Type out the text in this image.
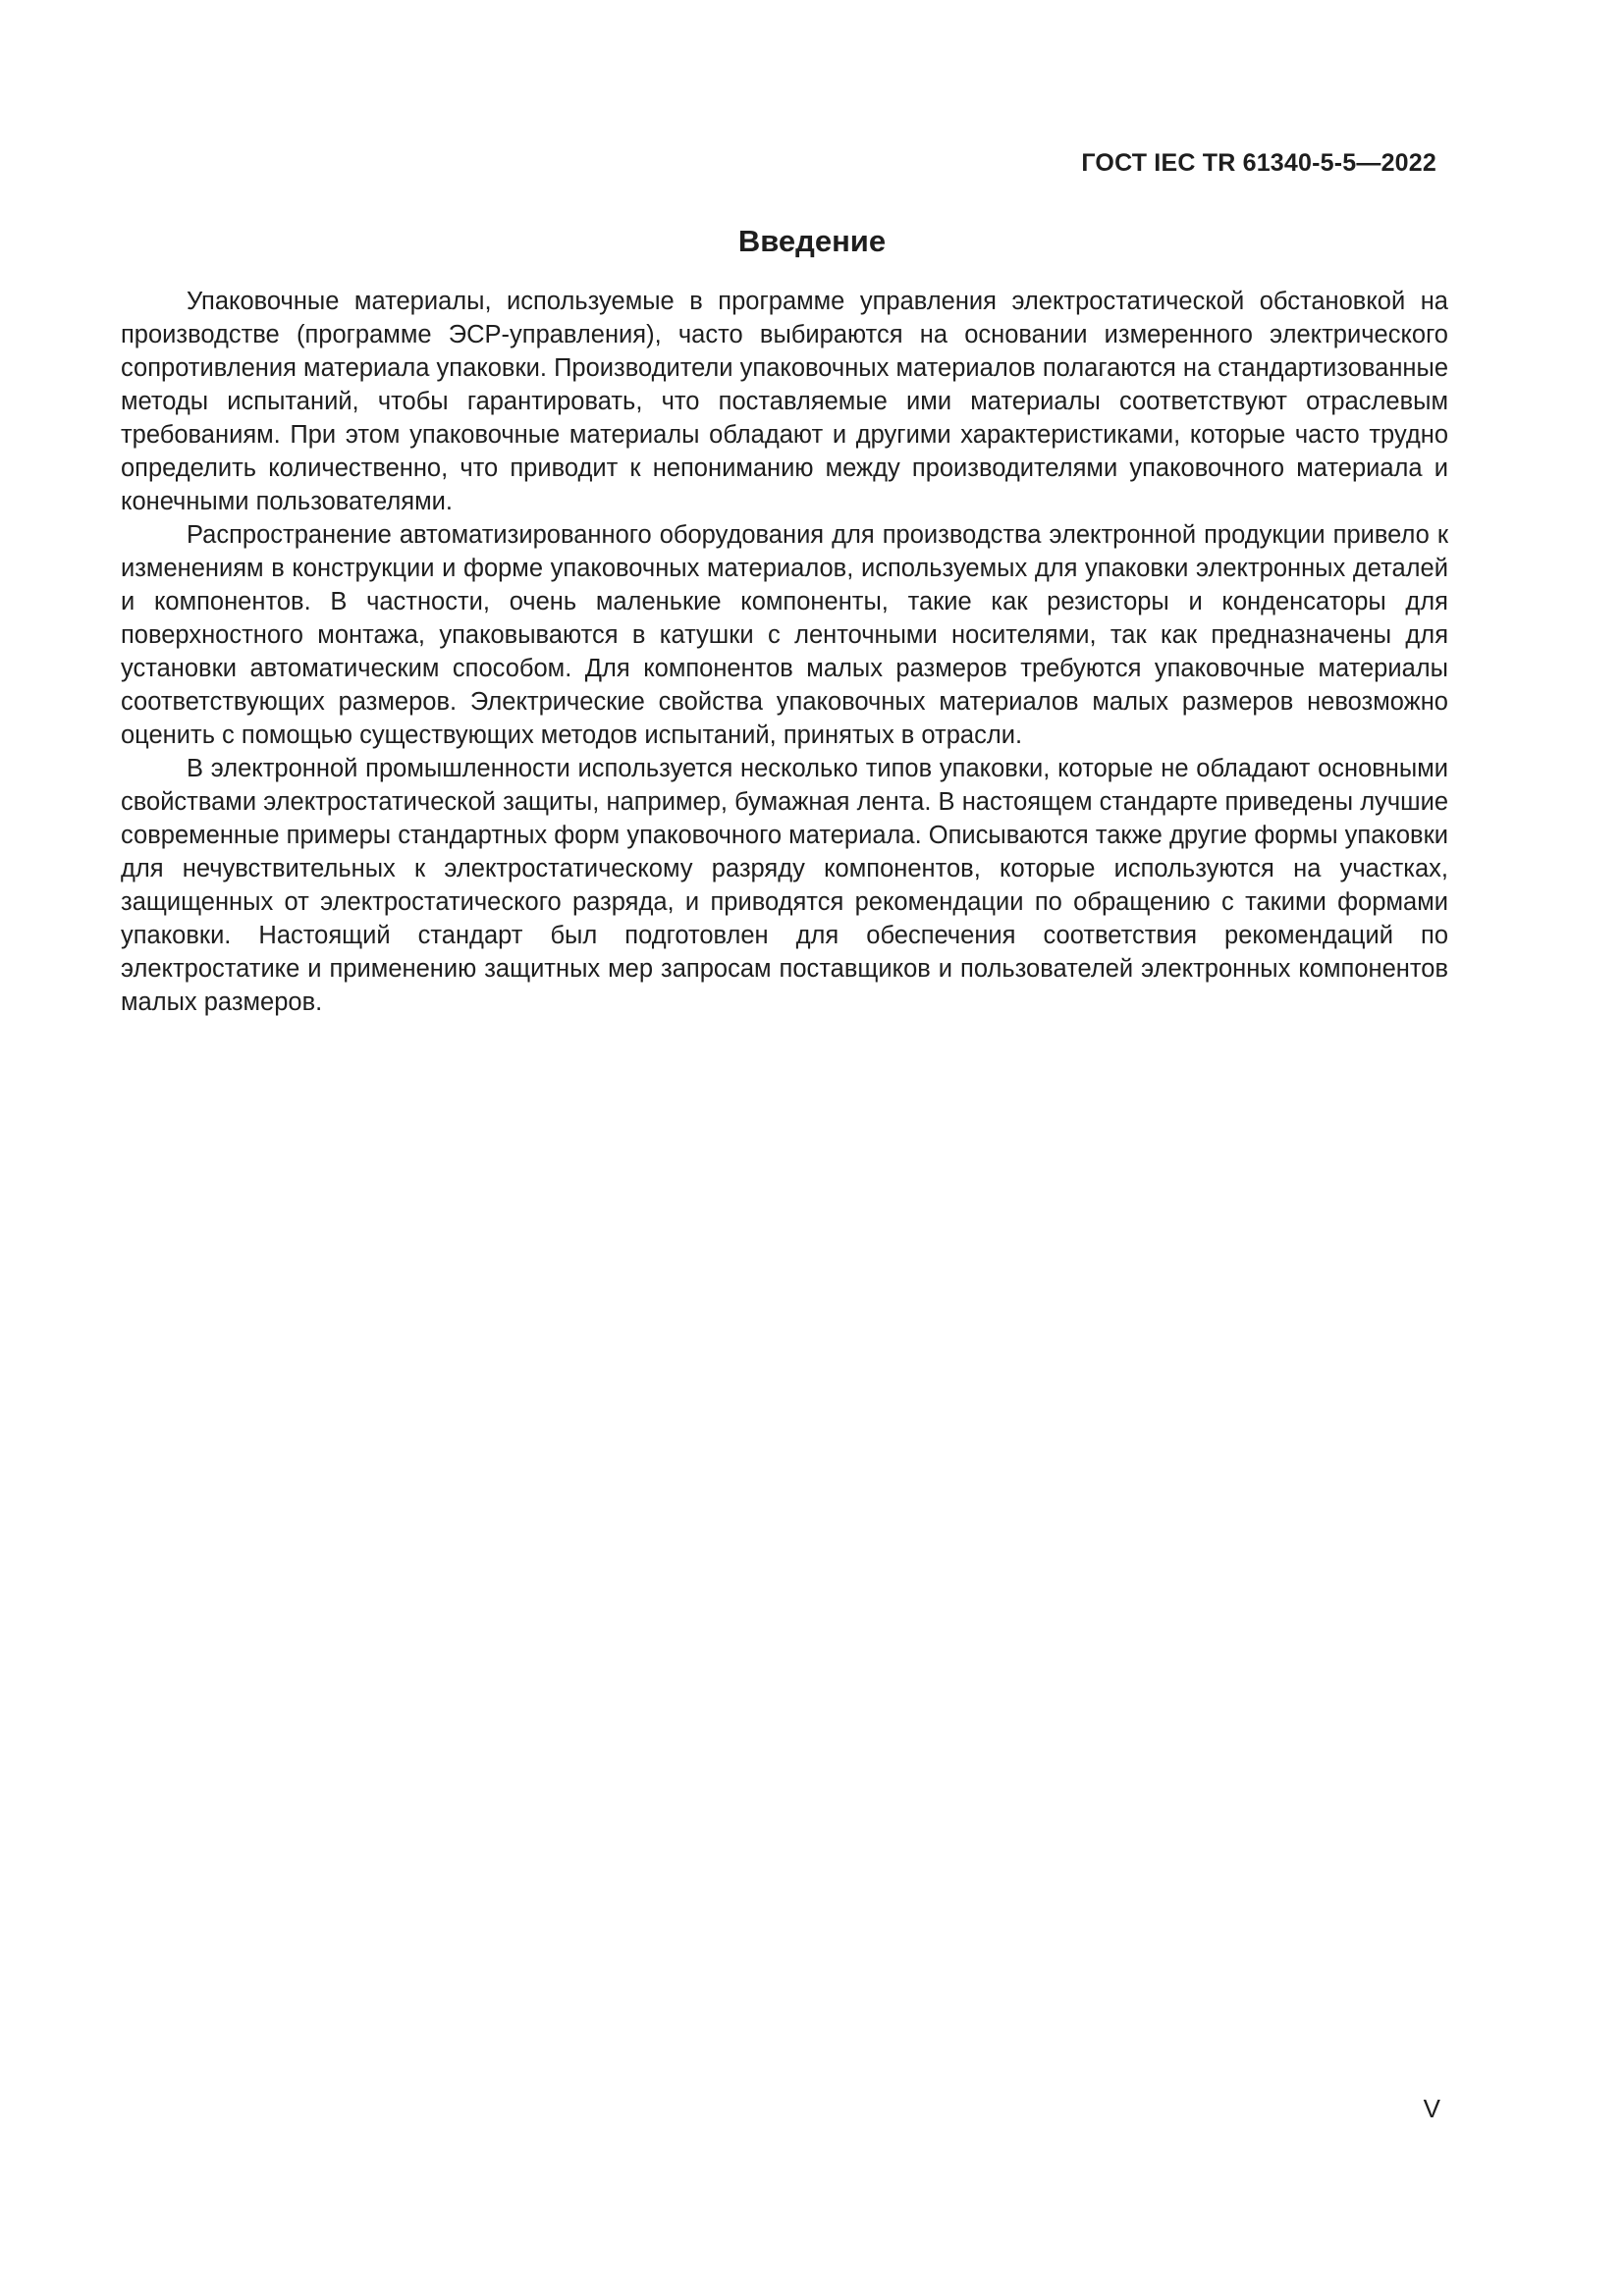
ГОСТ IEC TR 61340-5-5—2022
Введение

Упаковочные материалы, используемые в программе управления электростатической обстановкой на производстве (программе ЭСР-управления), часто выбираются на основании измеренного электрического сопротивления материала упаковки. Производители упаковочных материалов полагаются на стандартизованные методы испытаний, чтобы гарантировать, что поставляемые ими материалы соответствуют отраслевым требованиям. При этом упаковочные материалы обладают и другими характеристиками, которые часто трудно определить количественно, что приводит к непониманию между производителями упаковочного материала и конечными пользователями.

Распространение автоматизированного оборудования для производства электронной продукции привело к изменениям в конструкции и форме упаковочных материалов, используемых для упаковки электронных деталей и компонентов. В частности, очень маленькие компоненты, такие как резисторы и конденсаторы для поверхностного монтажа, упаковываются в катушки с ленточными носителями, так как предназначены для установки автоматическим способом. Для компонентов малых размеров требуются упаковочные материалы соответствующих размеров. Электрические свойства упаковочных материалов малых размеров невозможно оценить с помощью существующих методов испытаний, принятых в отрасли.

В электронной промышленности используется несколько типов упаковки, которые не обладают основными свойствами электростатической защиты, например, бумажная лента. В настоящем стандарте приведены лучшие современные примеры стандартных форм упаковочного материала. Описываются также другие формы упаковки для нечувствительных к электростатическому разряду компонентов, которые используются на участках, защищенных от электростатического разряда, и приводятся рекомендации по обращению с такими формами упаковки. Настоящий стандарт был подготовлен для обеспечения соответствия рекомендаций по электростатике и применению защитных мер запросам поставщиков и пользователей электронных компонентов малых размеров.

V
